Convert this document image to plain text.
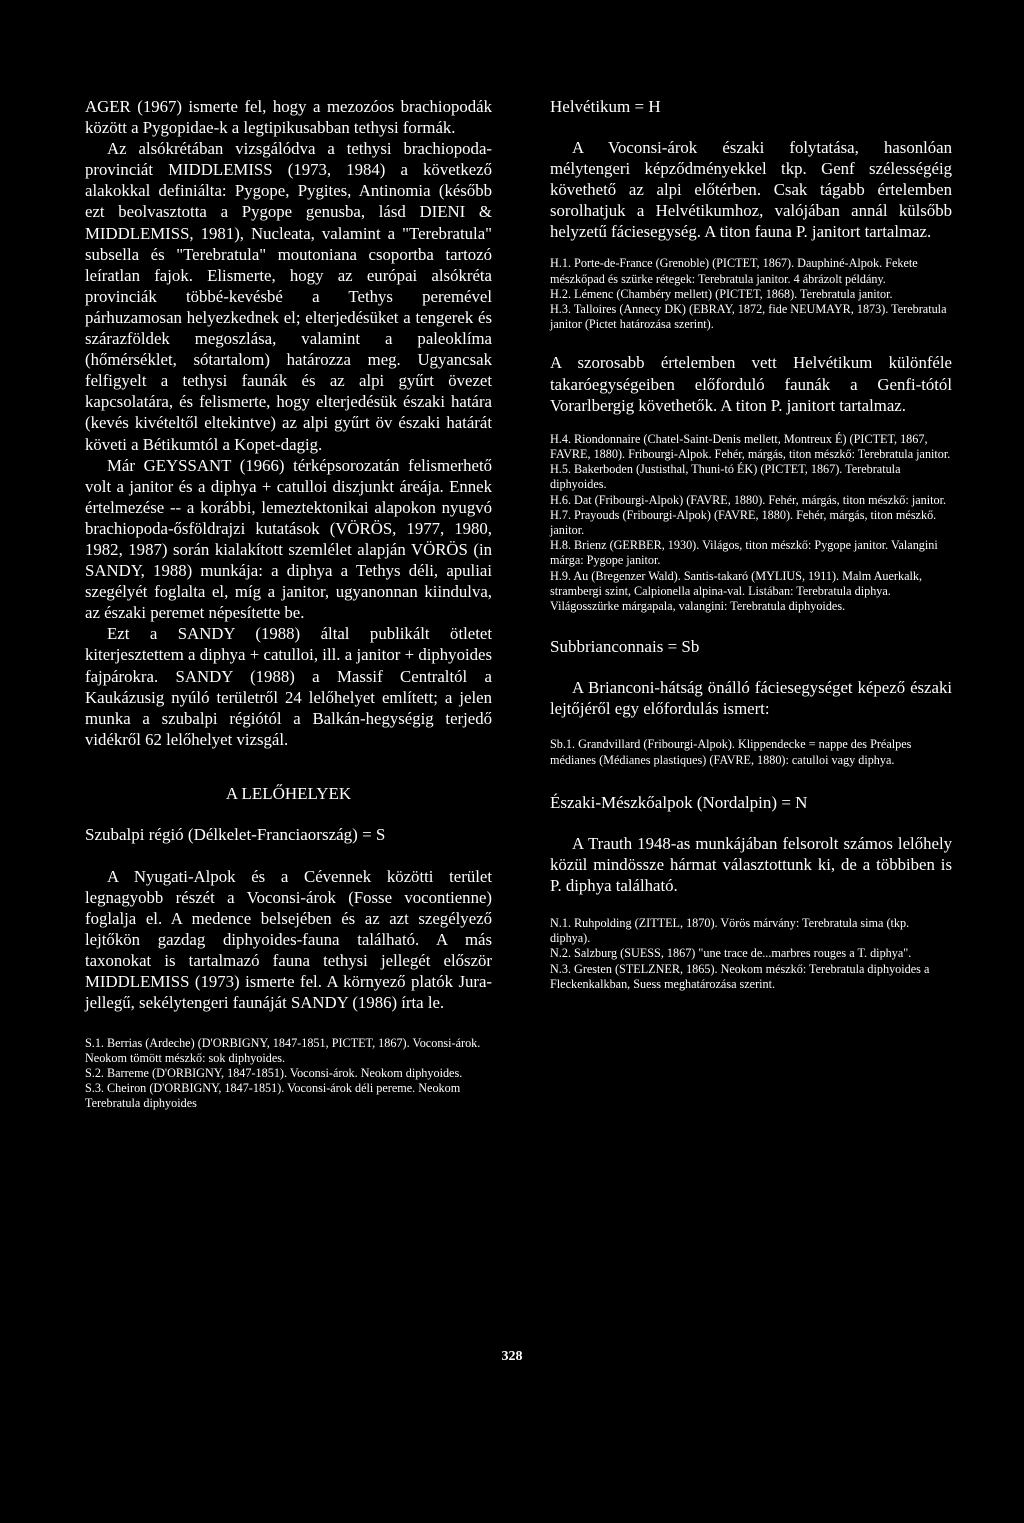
AGER (1967) ismerte fel, hogy a mezozóos brachiopodák között a Pygopidae-k a legtipikusabban tethysi formák.

Az alsókrétában vizsgálódva a tethysi brachiopoda-provinciát MIDDLEMISS (1973, 1984) a következő alakokkal definiálta: Pygope, Pygites, Antinomia (később ezt beolvasztotta a Pygope genusba, lásd DIENI & MIDDLEMISS, 1981), Nucleata, valamint a "Terebratula" subsella és "Terebratula" moutoniana csoportba tartozó leíratlan fajok. Elismerte, hogy az európai alsókréta provinciák többé-kevésbé a Tethys peremével párhuzamosan helyezkednek el; elterjedésüket a tengerek és szárazföldek megoszlása, valamint a paleoklíma (hőmérséklet, sótartalom) határozza meg. Ugyancsak felfigyelt a tethysi faunák és az alpi gyűrt övezet kapcsolatára, és felismerte, hogy elterjedésük északi határa (kevés kivételtől eltekintve) az alpi gyűrt öv északi határát követi a Bétikumtól a Kopet-dagig.

Már GEYSSANT (1966) térképsorozatán felismerhető volt a janitor és a diphya + catulloi diszjunkt áreája. Ennek értelmezése -- a korábbi, lemeztektonikai alapokon nyugvó brachiopoda-ősföldrajzi kutatások (VÖRÖS, 1977, 1980, 1982, 1987) során kialakított szemlélet alapján VÖRÖS (in SANDY, 1988) munkája: a diphya a Tethys déli, apuliai szegélyét foglalta el, míg a janitor, ugyanonnan kiindulva, az északi peremet népesítette be.

Ezt a SANDY (1988) által publikált ötletet kiterjesztettem a diphya + catulloi, ill. a janitor + diphyoides fajpárokra. SANDY (1988) a Massif Centraltól a Kaukázusig nyúló területről 24 lelőhelyet említett; a jelen munka a szubalpi régiótól a Balkán-hegységig terjedő vidékről 62 lelőhelyet vizsgál.

A LELŐHELYEK
Szubalpi régió (Délkelet-Franciaország) = S

A Nyugati-Alpok és a Cévennek közötti terület legnagyobb részét a Voconsi-árok (Fosse vocontienne) foglalja el. A medence belsejében és az azt szegélyező lejtőkön gazdag diphyoides-fauna található. A más taxonokat is tartalmazó fauna tethysi jellegét először MIDDLEMISS (1973) ismerte fel. A környező platók Jura-jellegű, sekélytengeri faunáját SANDY (1986) írta le.

S.1. Berrias (Ardeche) (D'ORBIGNY, 1847-1851, PICTET, 1867). Voconsi-árok. Neokom tömött mészkő: sok diphyoides.
S.2. Barreme (D'ORBIGNY, 1847-1851). Voconsi-árok. Neokom diphyoides.
S.3. Cheiron (D'ORBIGNY, 1847-1851). Voconsi-árok déli pereme. Neokom Terebratula diphyoides
Helvétikum = H

A Voconsi-árok északi folytatása, hasonlóan mélytengeri képződményekkel tkp. Genf szélességéig követhető az alpi előtérben. Csak tágabb értelemben sorolhatjuk a Helvétikumhoz, valójában annál külsőbb helyzetű fáciesegység. A titon fauna P. janitort tartalmaz.

H.1. Porte-de-France (Grenoble) (PICTET, 1867). Dauphiné-Alpok. Fekete mészkőpad és szürke rétegek: Terebratula janitor. 4 ábrázolt példány.
H.2. Lémenc (Chambéry mellett) (PICTET, 1868). Terebratula janitor.
H.3. Talloires (Annecy DK) (EBRAY, 1872, fide NEUMAYR, 1873). Terebratula janitor (Pictet határozása szerint).

A szorosabb értelemben vett Helvétikum különféle takaróegységeiben előforduló faunák a Genfi-tótól Vorarlbergig követhetők. A titon P. janitort tartalmaz.

H.4. Riondonnaire (Chatel-Saint-Denis mellett, Montreux É) (PICTET, 1867, FAVRE, 1880). Fribourgi-Alpok. Fehér, márgás, titon mészkő: Terebratula janitor.
H.5. Bakerboden (Justisthal, Thuni-tó ÉK) (PICTET, 1867). Terebratula diphyoides.
H.6. Dat (Fribourgi-Alpok) (FAVRE, 1880). Fehér, márgás, titon mészkő: janitor.
H.7. Prayouds (Fribourgi-Alpok) (FAVRE, 1880). Fehér, márgás, titon mészkő. janitor.
H.8. Brienz (GERBER, 1930). Világos, titon mészkő: Pygope janitor. Valangini márga: Pygope janitor.
H.9. Au (Bregenzer Wald). Santis-takaró (MYLIUS, 1911). Malm Auerkalk, strambergi szint, Calpionella alpina-val. Listában: Terebratula diphya. Világosszürke márgapala, valangini: Terebratula diphyoides.
Subbrianconnais = Sb

A Brianconi-hátság önálló fáciesegységet képező északi lejtőjéről egy előfordulás ismert:

Sb.1. Grandvillard (Fribourgi-Alpok). Klippendecke = nappe des Préalpes médianes (Médianes plastiques) (FAVRE, 1880): catulloi vagy diphya.
Északi-Mészkőalpok (Nordalpin) = N

A Trauth 1948-as munkájában felsorolt számos lelőhely közül mindössze hármat választottunk ki, de a többiben is P. diphya található.

N.1. Ruhpolding (ZITTEL, 1870). Vörös márvány: Terebratula sima (tkp. diphya).
N.2. Salzburg (SUESS, 1867) "une trace de...marbres rouges a T. diphya".
N.3. Gresten (STELZNER, 1865). Neokom mészkő: Terebratula diphyoides a Fleckenkalkban, Suess meghatározása szerint.
328
